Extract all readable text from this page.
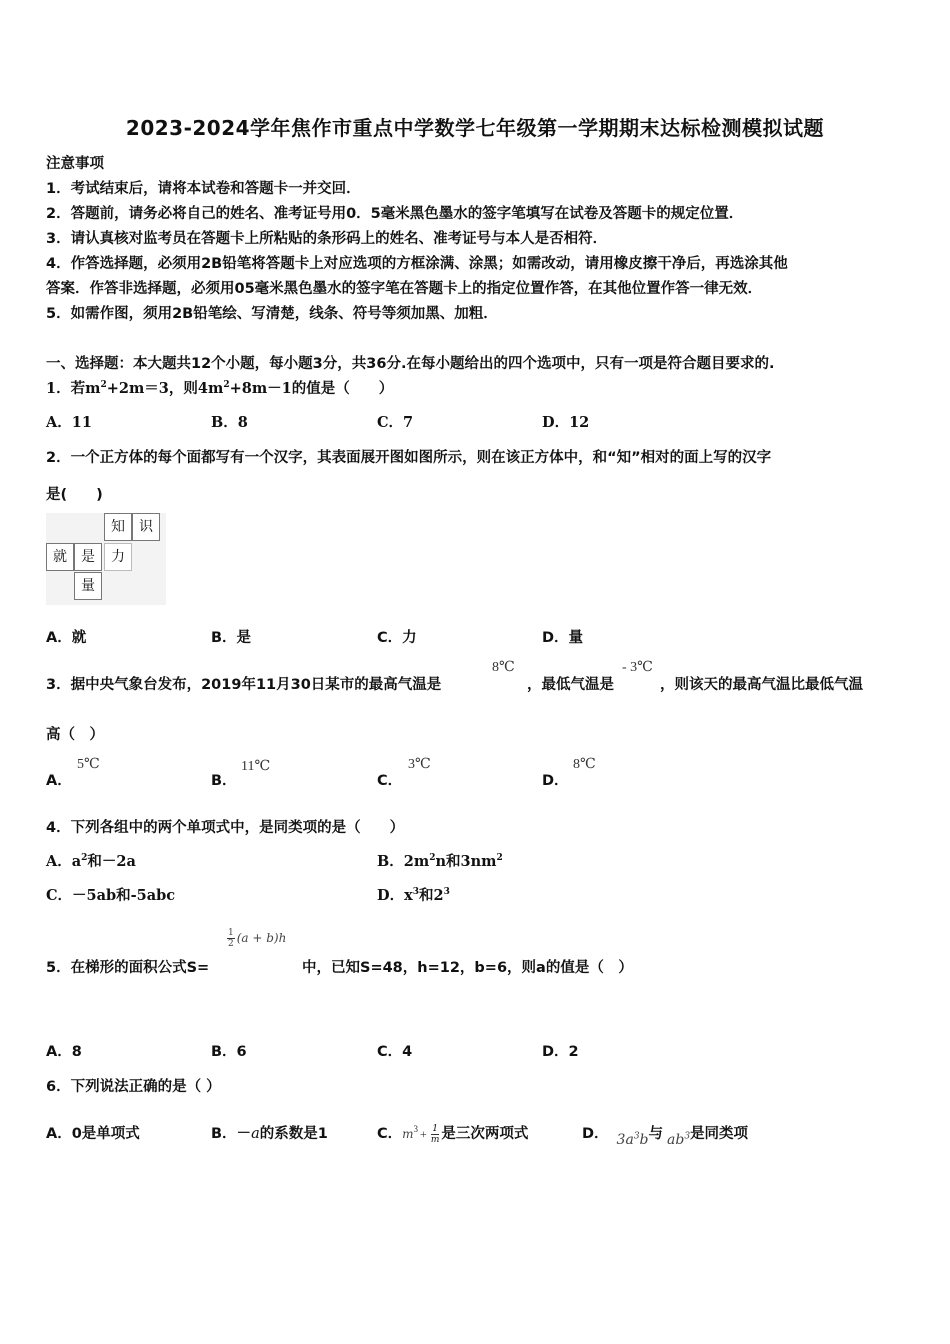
2023-2024学年焦作市重点中学数学七年级第一学期期末达标检测模拟试题
注意事项
1．考试结束后，请将本试卷和答题卡一并交回．
2．答题前，请务必将自己的姓名、准考证号用0．5毫米黑色墨水的签字笔填写在试卷及答题卡的规定位置．
3．请认真核对监考员在答题卡上所粘贴的条形码上的姓名、准考证号与本人是否相符．
4．作答选择题，必须用2B铅笔将答题卡上对应选项的方框涂满、涂黑；如需改动，请用橡皮擦干净后，再选涂其他
答案．作答非选择题，必须用05毫米黑色墨水的签字笔在答题卡上的指定位置作答，在其他位置作答一律无效．
5．如需作图，须用2B铅笔绘、写清楚，线条、符号等须加黑、加粗．
一、选择题：本大题共12个小题，每小题3分，共36分.在每小题给出的四个选项中，只有一项是符合题目要求的.
1．若$m^2+2m=3$，则$4m^2+8m-1$的值是（　　）
A．11	B．8	C．7	D．12
2．一个正方体的每个面都写有一个汉字，其表面展开图如图所示，则在该正方体中，和“知”相对的面上写的汉字
是(　　)
知	识
就	是	力
量
A．就	B．是	C．力	D．量
3．据中央气象台发布，2019年11月30日某市的最高气温是
8℃
，最低气温是
- 3℃
，则该天的最高气温比最低气温
高（　）
A．
5℃
B．
11℃
C．
3℃
D．
8℃
4．下列各组中的两个单项式中，是同类项的是（　　）
A．$a^2$和－2a	B．$2m^2n$和$3nm^2$
C．－5ab和-5abc	D．$x^3$和$2^3$
5．在梯形的面积公式S=
$\frac{1}{2} (a + b)h$
中，已知S=48，h=12，b=6，则a的值是（　）
A．8	B．6	C．4	D．2
6．下列说法正确的是（ ）
A．0是单项式	B．－a的系数是1	C．$m^3 + \frac{1}{m}$ 是三次两项式	D． $3a^3b$与 $ab^3$是同类项
